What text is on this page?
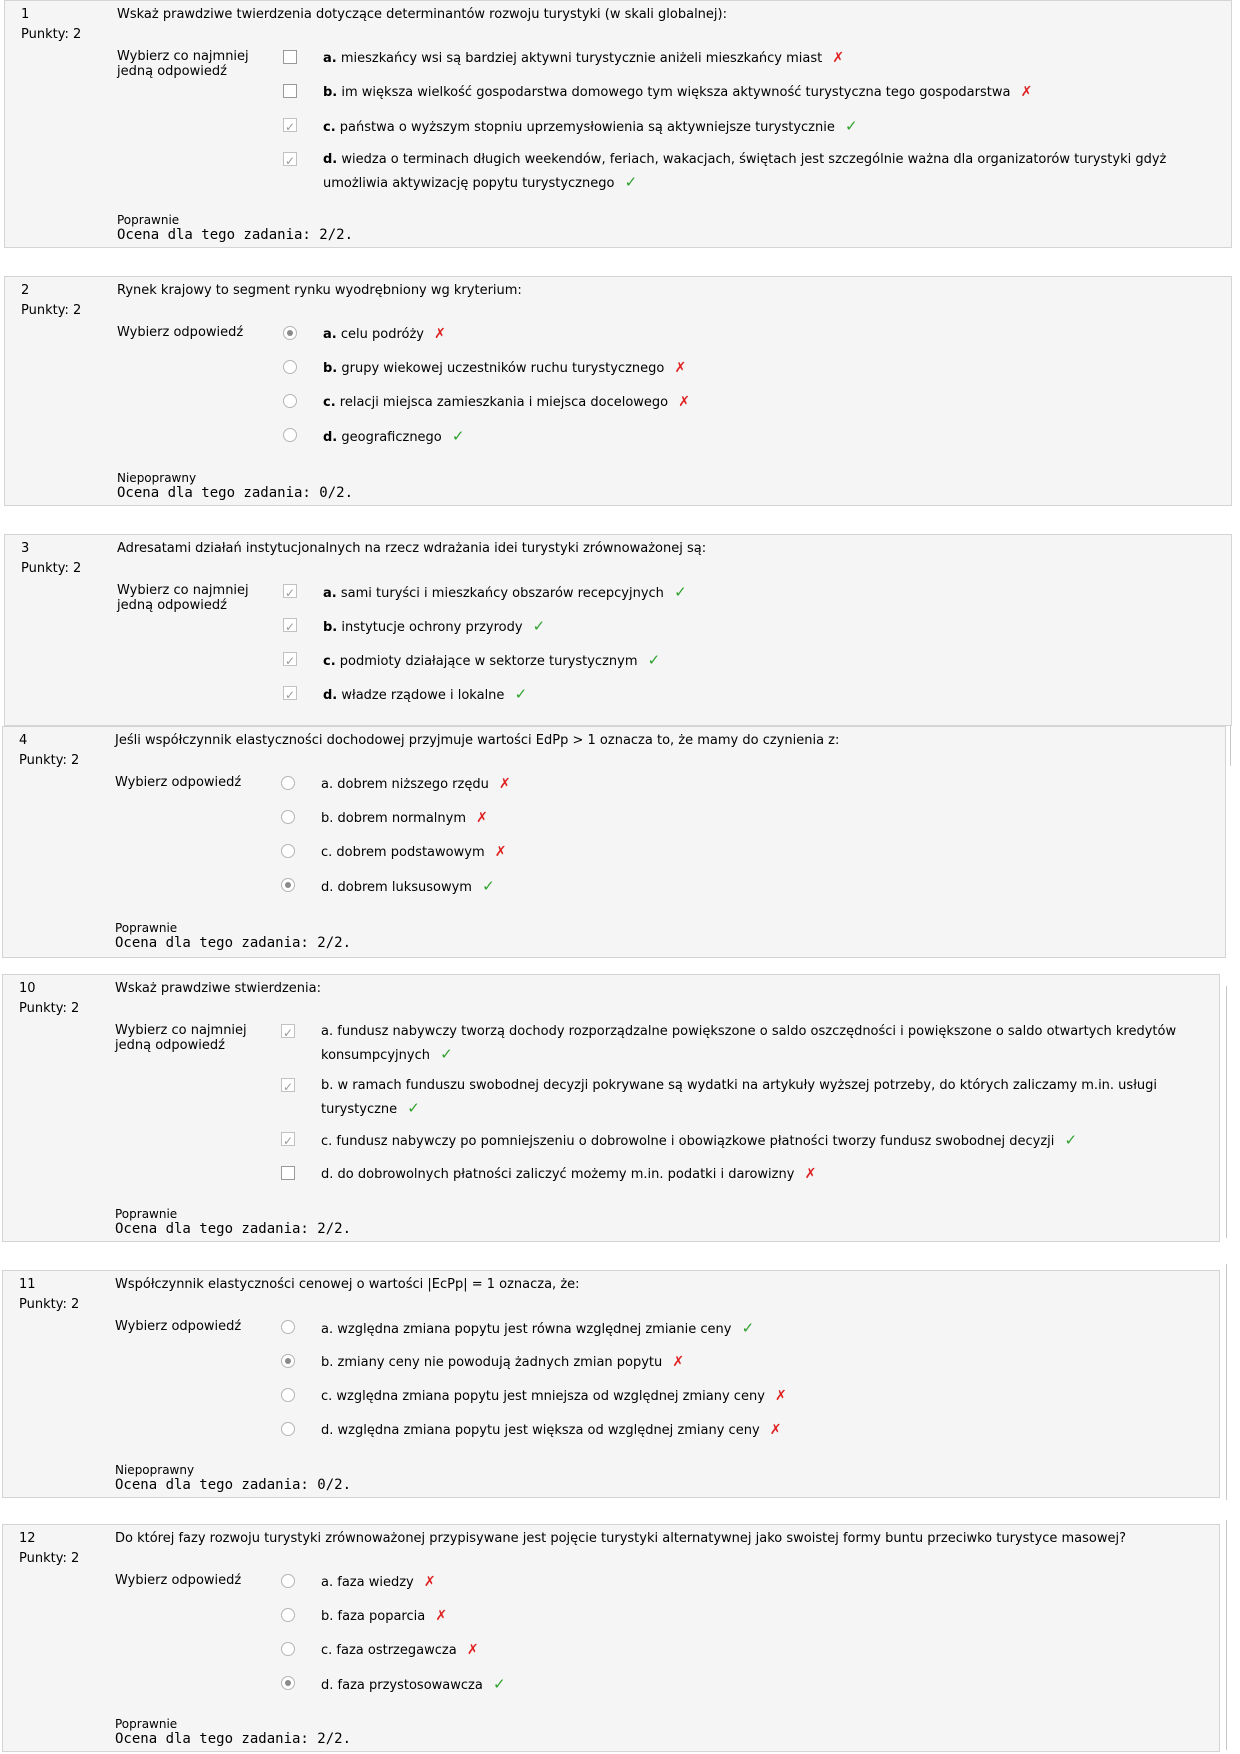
1
Punkty: 2
Wskaż prawdziwe twierdzenia dotyczące determinantów rozwoju turystyki (w skali globalnej):
Wybierz co najmniej jedną odpowiedź
a. mieszkańcy wsi są bardziej aktywni turystycznie aniżeli mieszkańcy miast ✗
b. im większa wielkość gospodarstwa domowego tym większa aktywność turystyczna tego gospodarstwa ✗
✓
c. państwa o wyższym stopniu uprzemysłowienia są aktywniejsze turystycznie ✓
✓
d. wiedza o terminach długich weekendów, feriach, wakacjach, świętach jest szczególnie ważna dla organizatorów turystyki gdyż
umożliwia aktywizację popytu turystycznego ✓
Poprawnie
Ocena dla tego zadania: 2/2.
2
Punkty: 2
Rynek krajowy to segment rynku wyodrębniony wg kryterium:
Wybierz odpowiedź	a. celu podróży ✗
b. grupy wiekowej uczestników ruchu turystycznego ✗
c. relacji miejsca zamieszkania i miejsca docelowego ✗
d. geograficznego ✓
Niepoprawny
Ocena dla tego zadania: 0/2.
3
Punkty: 2
Adresatami działań instytucjonalnych na rzecz wdrażania idei turystyki zrównoważonej są:
Wybierz co najmniej jedną odpowiedź
✓
a. sami turyści i mieszkańcy obszarów recepcyjnych ✓
✓
b. instytucje ochrony przyrody ✓
✓
c. podmioty działające w sektorze turystycznym ✓
✓
d. władze rządowe i lokalne ✓
4
Punkty: 2
Jeśli współczynnik elastyczności dochodowej przyjmuje wartości EdPp > 1 oznacza to, że mamy do czynienia z:
Wybierz odpowiedź	a. dobrem niższego rzędu ✗
b. dobrem normalnym ✗
c. dobrem podstawowym ✗
d. dobrem luksusowym ✓
Poprawnie
Ocena dla tego zadania: 2/2.
10
Punkty: 2
Wskaż prawdziwe stwierdzenia:
Wybierz co najmniej jedną odpowiedź
✓
a. fundusz nabywczy tworzą dochody rozporządzalne powiększone o saldo oszczędności i powiększone o saldo otwartych kredytów
konsumpcyjnych ✓
✓
b. w ramach funduszu swobodnej decyzji pokrywane są wydatki na artykuły wyższej potrzeby, do których zaliczamy m.in. usługi
turystyczne ✓
✓
c. fundusz nabywczy po pomniejszeniu o dobrowolne i obowiązkowe płatności tworzy fundusz swobodnej decyzji ✓
d. do dobrowolnych płatności zaliczyć możemy m.in. podatki i darowizny ✗
Poprawnie
Ocena dla tego zadania: 2/2.
11
Punkty: 2
Współczynnik elastyczności cenowej o wartości |EcPp| = 1 oznacza, że:
Wybierz odpowiedź	a. względna zmiana popytu jest równa względnej zmianie ceny ✓
b. zmiany ceny nie powodują żadnych zmian popytu ✗
c. względna zmiana popytu jest mniejsza od względnej zmiany ceny ✗
d. względna zmiana popytu jest większa od względnej zmiany ceny ✗
Niepoprawny
Ocena dla tego zadania: 0/2.
12
Punkty: 2
Do której fazy rozwoju turystyki zrównoważonej przypisywane jest pojęcie turystyki alternatywnej jako swoistej formy buntu przeciwko turystyce masowej?
Wybierz odpowiedź	a. faza wiedzy ✗
b. faza poparcia ✗
c. faza ostrzegawcza ✗
d. faza przystosowawcza ✓
Poprawnie
Ocena dla tego zadania: 2/2.
